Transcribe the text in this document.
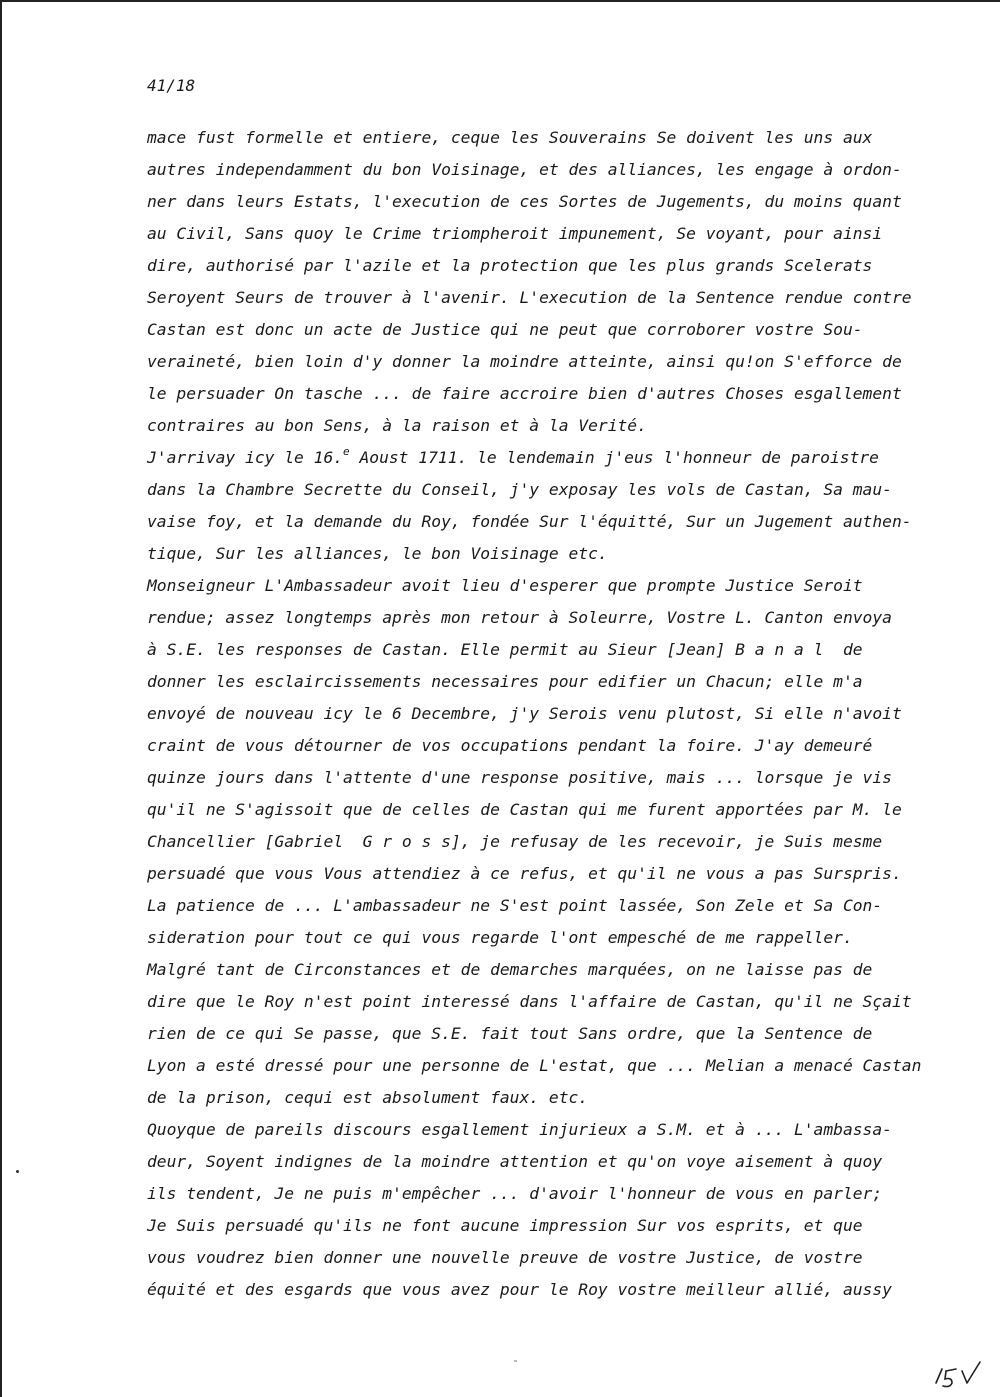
41/18
mace fust formelle et entiere, ceque les Souverains Se doivent les uns aux
autres independamment du bon Voisinage, et des alliances, les engage à ordon-
ner dans leurs Estats, l'execution de ces Sortes de Jugements, du moins quant
au Civil, Sans quoy le Crime triompheroit impunement, Se voyant, pour ainsi
dire, authorisé par l'azile et la protection que les plus grands Scelerats
Seroyent Seurs de trouver à l'avenir. L'execution de la Sentence rendue contre
Castan est donc un acte de Justice qui ne peut que corroborer vostre Sou-
veraineté, bien loin d'y donner la moindre atteinte, ainsi qu!on S'efforce de
le persuader On tasche ... de faire accroire bien d'autres Choses esgallement
contraires au bon Sens, à la raison et à la Verité.
J'arrivay icy le 16.$^e$ Aoust 1711. le lendemain j'eus l'honneur de paroistre
dans la Chambre Secrette du Conseil, j'y exposay les vols de Castan, Sa mau-
vaise foy, et la demande du Roy, fondée Sur l'équitté, Sur un Jugement authen-
tique, Sur les alliances, le bon Voisinage etc.
Monseigneur L'Ambassadeur avoit lieu d'esperer que prompte Justice Seroit
rendue; assez longtemps après mon retour à Soleurre, Vostre L. Canton envoya
à S.E. les responses de Castan. Elle permit au Sieur [Jean] B a n a l  de
donner les esclaircissements necessaires pour edifier un Chacun; elle m'a
envoyé de nouveau icy le 6 Decembre, j'y Serois venu plutost, Si elle n'avoit
craint de vous détourner de vos occupations pendant la foire. J'ay demeuré
quinze jours dans l'attente d'une response positive, mais ... lorsque je vis
qu'il ne S'agissoit que de celles de Castan qui me furent apportées par M. le
Chancellier [Gabriel  G r o s s], je refusay de les recevoir, je Suis mesme
persuadé que vous Vous attendiez à ce refus, et qu'il ne vous a pas Surspris.
La patience de ... L'ambassadeur ne S'est point lassée, Son Zele et Sa Con-
sideration pour tout ce qui vous regarde l'ont empesché de me rappeller.
Malgré tant de Circonstances et de demarches marquées, on ne laisse pas de
dire que le Roy n'est point interessé dans l'affaire de Castan, qu'il ne Sçait
rien de ce qui Se passe, que S.E. fait tout Sans ordre, que la Sentence de
Lyon a esté dressé pour une personne de L'estat, que ... Melian a menacé Castan
de la prison, cequi est absolument faux. etc.
Quoyque de pareils discours esgallement injurieux a S.M. et à ... L'ambassa-
deur, Soyent indignes de la moindre attention et qu'on voye aisement à quoy
ils tendent, Je ne puis m'empêcher ... d'avoir l'honneur de vous en parler;
Je Suis persuadé qu'ils ne font aucune impression Sur vos esprits, et que
vous voudrez bien donner une nouvelle preuve de vostre Justice, de vostre
équité et des esgards que vous avez pour le Roy vostre meilleur allié, aussy
